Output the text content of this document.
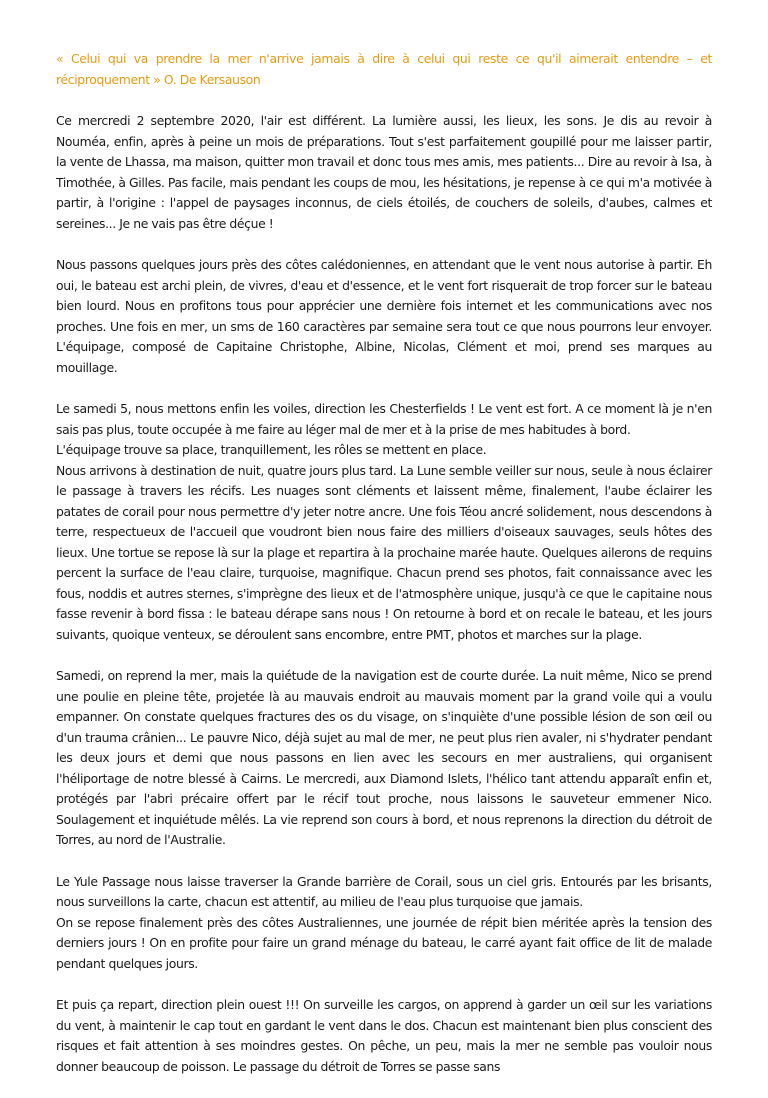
« Celui qui va prendre la mer n'arrive jamais à dire à celui qui reste ce qu'il aimerait entendre – et réciproquement » O. De Kersauson

Ce mercredi 2 septembre 2020, l'air est différent. La lumière aussi, les lieux, les sons. Je dis au revoir à Nouméa, enfin, après à peine un mois de préparations. Tout s'est parfaitement goupillé pour me laisser partir, la vente de Lhassa, ma maison, quitter mon travail et donc tous mes amis, mes patients... Dire au revoir à Isa, à Timothée, à Gilles. Pas facile, mais pendant les coups de mou, les hésitations, je repense à ce qui m'a motivée à partir, à l'origine : l'appel de paysages inconnus, de ciels étoilés, de couchers de soleils, d'aubes, calmes et sereines... Je ne vais pas être déçue !

Nous passons quelques jours près des côtes calédoniennes, en attendant que le vent nous autorise à partir. Eh oui, le bateau est archi plein, de vivres, d'eau et d'essence, et le vent fort risquerait de trop forcer sur le bateau bien lourd. Nous en profitons tous pour apprécier une dernière fois internet et les communications avec nos proches. Une fois en mer, un sms de 160 caractères par semaine sera tout ce que nous pourrons leur envoyer. L'équipage, composé de Capitaine Christophe, Albine, Nicolas, Clément et moi, prend ses marques au mouillage.

Le samedi 5, nous mettons enfin les voiles, direction les Chesterfields ! Le vent est fort. A ce moment là je n'en sais pas plus, toute occupée à me faire au léger mal de mer et à la prise de mes habitudes à bord.

L'équipage trouve sa place, tranquillement, les rôles se mettent en place.

Nous arrivons à destination de nuit, quatre jours plus tard. La Lune semble veiller sur nous, seule à nous éclairer le passage à travers les récifs. Les nuages sont cléments et laissent même, finalement, l'aube éclairer les patates de corail pour nous permettre d'y jeter notre ancre. Une fois Téou ancré solidement, nous descendons à terre, respectueux de l'accueil que voudront bien nous faire des milliers d'oiseaux sauvages, seuls hôtes des lieux. Une tortue se repose là sur la plage et repartira à la prochaine marée haute. Quelques ailerons de requins percent la surface de l'eau claire, turquoise, magnifique. Chacun prend ses photos, fait connaissance avec les fous, noddis et autres sternes, s'imprègne des lieux et de l'atmosphère unique, jusqu'à ce que le capitaine nous fasse revenir à bord fissa : le bateau dérape sans nous ! On retourne à bord et on recale le bateau, et les jours suivants, quoique venteux, se déroulent sans encombre, entre PMT, photos et marches sur la plage.

Samedi, on reprend la mer, mais la quiétude de la navigation est de courte durée. La nuit même, Nico se prend une poulie en pleine tête, projetée là au mauvais endroit au mauvais moment par la grand voile qui a voulu empanner. On constate quelques fractures des os du visage, on s'inquiète d'une possible lésion de son œil ou d'un trauma crânien... Le pauvre Nico, déjà sujet au mal de mer, ne peut plus rien avaler, ni s'hydrater pendant les deux jours et demi que nous passons en lien avec les secours en mer australiens, qui organisent l'héliportage de notre blessé à Cairns. Le mercredi, aux Diamond Islets, l'hélico tant attendu apparaît enfin et, protégés par l'abri précaire offert par le récif tout proche, nous laissons le sauveteur emmener Nico. Soulagement et inquiétude mêlés. La vie reprend son cours à bord, et nous reprenons la direction du détroit de Torres, au nord de l'Australie.

Le Yule Passage nous laisse traverser la Grande barrière de Corail, sous un ciel gris. Entourés par les brisants, nous surveillons la carte, chacun est attentif, au milieu de l'eau plus turquoise que jamais.

On se repose finalement près des côtes Australiennes, une journée de répit bien méritée après la tension des derniers jours ! On en profite pour faire un grand ménage du bateau, le carré ayant fait office de lit de malade pendant quelques jours.

Et puis ça repart, direction plein ouest !!! On surveille les cargos, on apprend à garder un œil sur les variations du vent, à maintenir le cap tout en gardant le vent dans le dos. Chacun est maintenant bien plus conscient des risques et fait attention à ses moindres gestes. On pêche, un peu, mais la mer ne semble pas vouloir nous donner beaucoup de poisson. Le passage du détroit de Torres se passe sans
